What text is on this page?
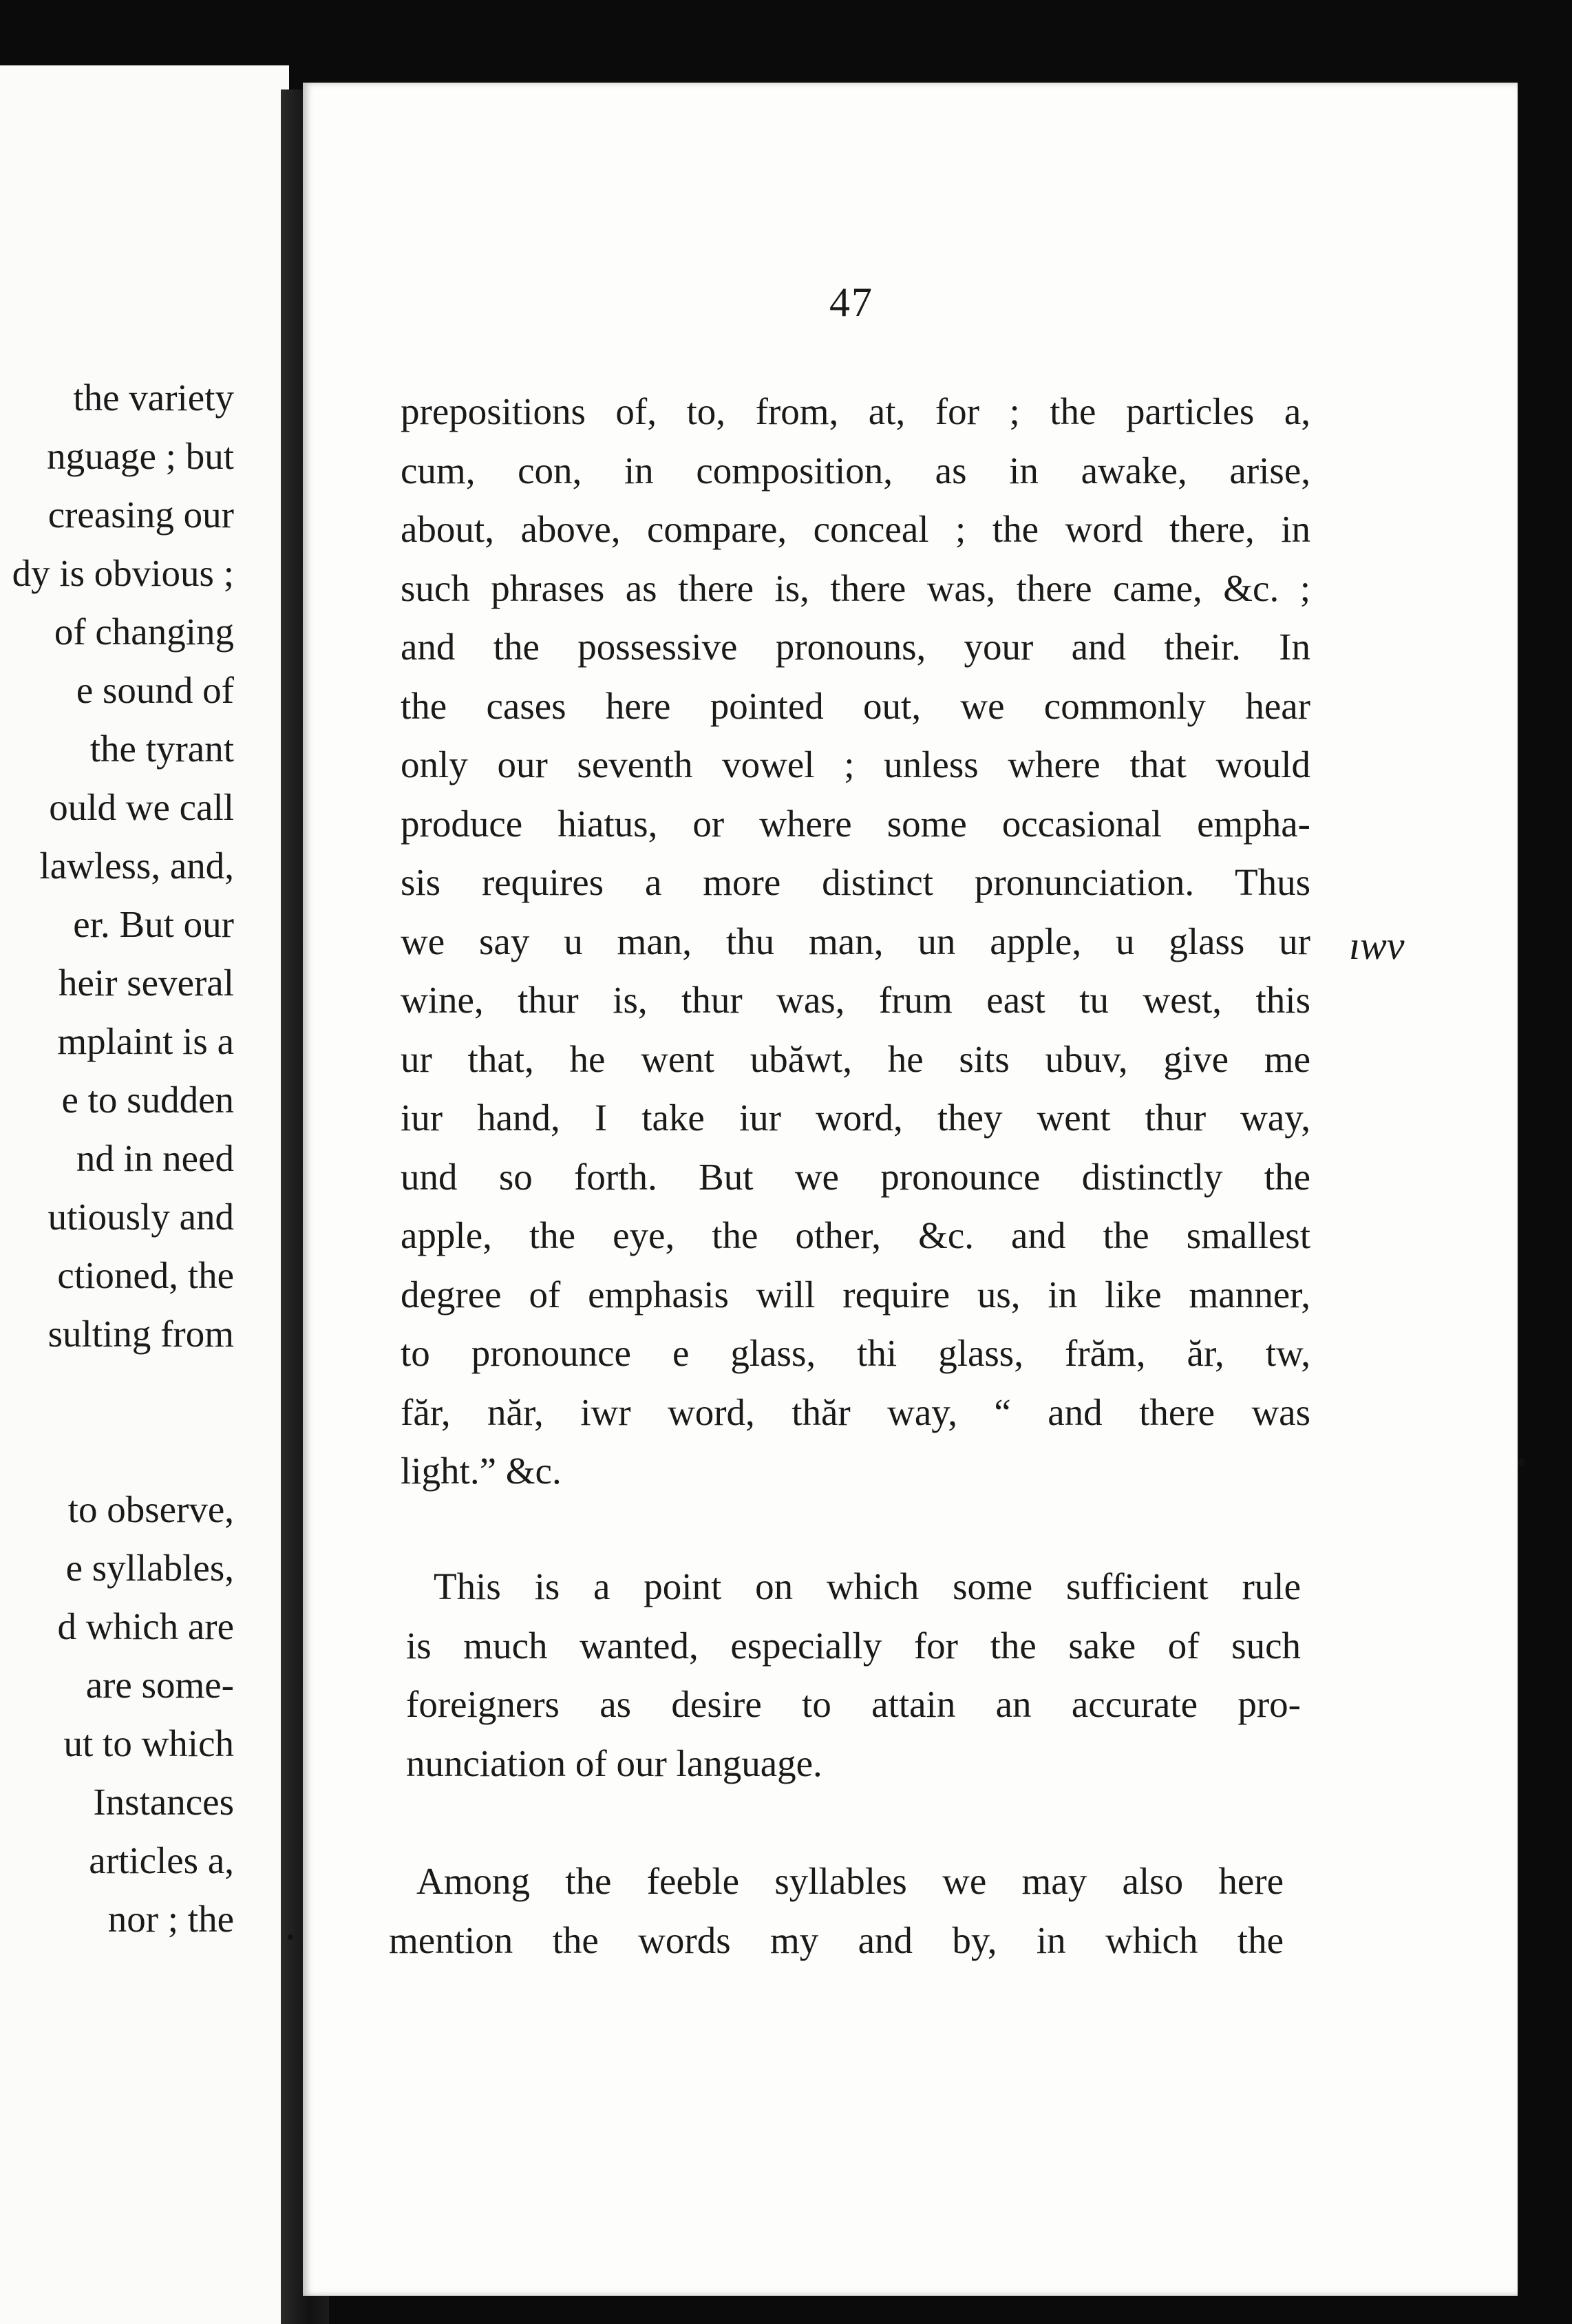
the variety
nguage ; but
creasing our
dy is obvious ;
of changing
e sound of
the tyrant
ould we call
lawless, and,
er. But our
heir several
mplaint is a
e to sudden
nd in need
utiously and
ctioned, the
sulting from
to observe,
e syllables,
d which are
are some-
ut to which
Instances
articles a,
nor ; the
47
prepositions of, to, from, at, for ; the particles a,
cum, con, in composition, as in awake, arise,
about, above, compare, conceal ; the word there, in
such phrases as there is, there was, there came, &c. ;
and the possessive pronouns, your and their. In
the cases here pointed out, we commonly hear
only our seventh vowel ; unless where that would
produce hiatus, or where some occasional empha-
sis requires a more distinct pronunciation. Thus
we say u man, thu man, un apple, u glass ur
wine, thur is, thur was, frum east tu west, this
ur that, he went ubăwt, he sits ubuv, give me
iur hand, I take iur word, they went thur way,
und so forth. But we pronounce distinctly the
apple, the eye, the other, &c. and the smallest
degree of emphasis will require us, in like manner,
to pronounce e glass, thi glass, frăm, ăr, tw,
făr, năr, iwr word, thăr way, “ and there was
light.” &c.
This is a point on which some sufficient rule
is much wanted, especially for the sake of such
foreigners as desire to attain an accurate pro-
nunciation of our language.
Among the feeble syllables we may also here
mention the words my and by, in which the
ıwv
